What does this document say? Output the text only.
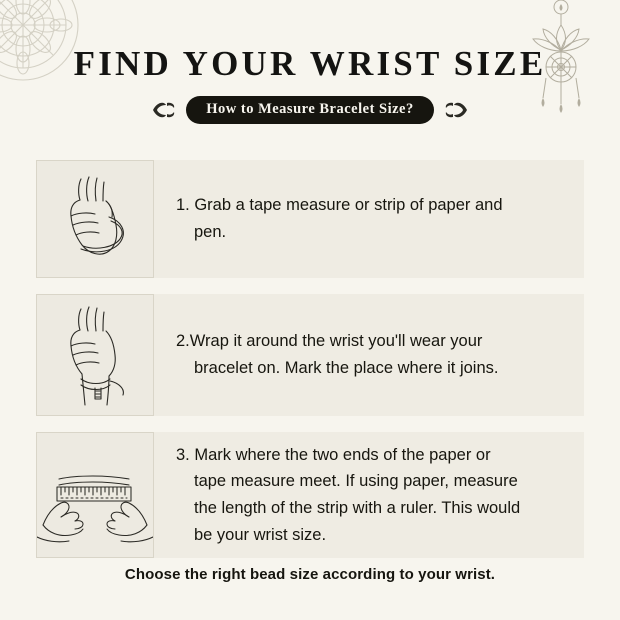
FIND YOUR WRIST SIZE
How to Measure Bracelet Size?
1. Grab a tape measure or strip of paper and
pen.
2.Wrap it around the wrist you'll wear your
bracelet on. Mark the place where it joins.
3. Mark where the two ends of the paper or
tape measure meet. If using paper, measure
the length of the strip with a ruler. This would
be your wrist size.
Choose the right bead size according to your wrist.
